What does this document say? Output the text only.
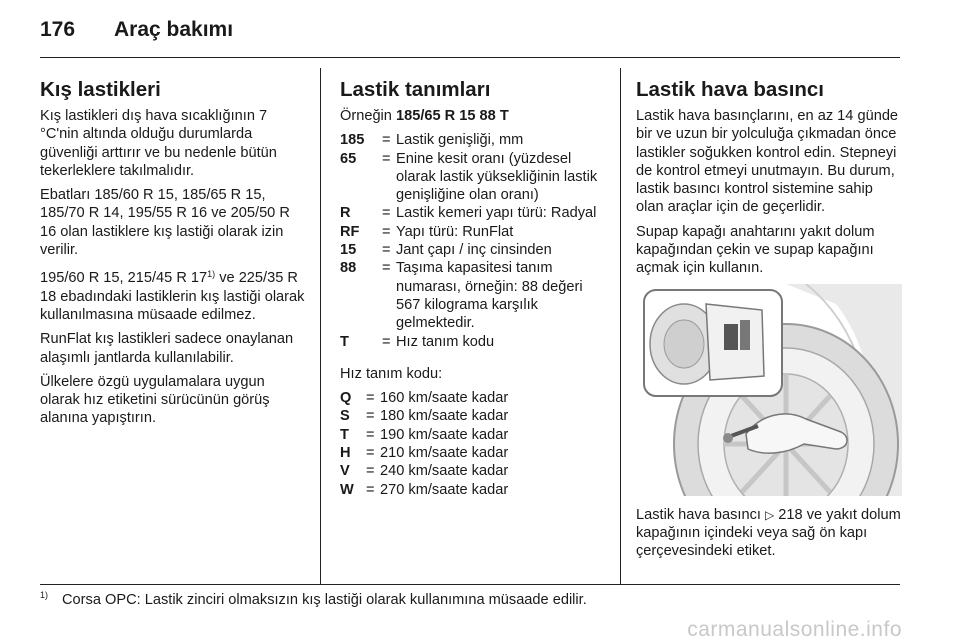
176 Araç bakımı
Kış lastikleri

Kış lastikleri dış hava sıcaklığının 7 °C'nin altında olduğu durumlarda güvenliği arttırır ve bu nedenle bütün tekerleklere takılmalıdır.

Ebatları 185/60 R 15, 185/65 R 15, 185/70 R 14, 195/55 R 16 ve 205/50 R 16 olan lastiklere kış lastiği olarak izin verilir.

195/60 R 15, 215/45 R 17$^{1)}$ ve 225/35 R 18 ebadındaki lastiklerin kış lastiği olarak kullanılmasına müsaade edilmez.

RunFlat kış lastikleri sadece onaylanan alaşımlı jantlarda kullanılabilir.

Ülkelere özgü uygulamalara uygun olarak hız etiketini sürücünün görüş alanına yapıştırın.

Lastik tanımları

Örneğin 185/65 R 15 88 T

185	= Lastik genişliği, mm
65	= Enine kesit oranı (yüzdesel olarak lastik yüksekliğinin lastik genişliğine olan oranı)
R	= Lastik kemeri yapı türü: Radyal
RF	= Yapı türü: RunFlat
15	= Jant çapı / inç cinsinden
88	= Taşıma kapasitesi tanım numarası, örneğin: 88 değeri 567 kilograma karşılık gelmektedir.
T	= Hız tanım kodu

Hız tanım kodu:

Q	= 160 km/saate kadar
S	= 180 km/saate kadar
T	= 190 km/saate kadar
H	= 210 km/saate kadar
V	= 240 km/saate kadar
W = 270 km/saate kadar
Lastik hava basıncı

Lastik hava basınçlarını, en az 14 günde bir ve uzun bir yolculuğa çıkmadan önce lastikler soğukken kontrol edin. Stepneyi de kontrol etmeyi unutmayın. Bu durum, lastik basıncı kontrol sistemine sahip olan araçlar için de geçerlidir.

Supap kapağı anahtarını yakıt dolum kapağından çekin ve supap kapağını açmak için kullanın.

Lastik hava basıncı ▷ 218 ve yakıt dolum kapağının içindeki veya sağ ön kapı çerçevesindeki etiket.

$^{1)}$ Corsa OPC: Lastik zinciri olmaksızın kış lastiği olarak kullanımına müsaade edilir.
carmanualsonline.info
